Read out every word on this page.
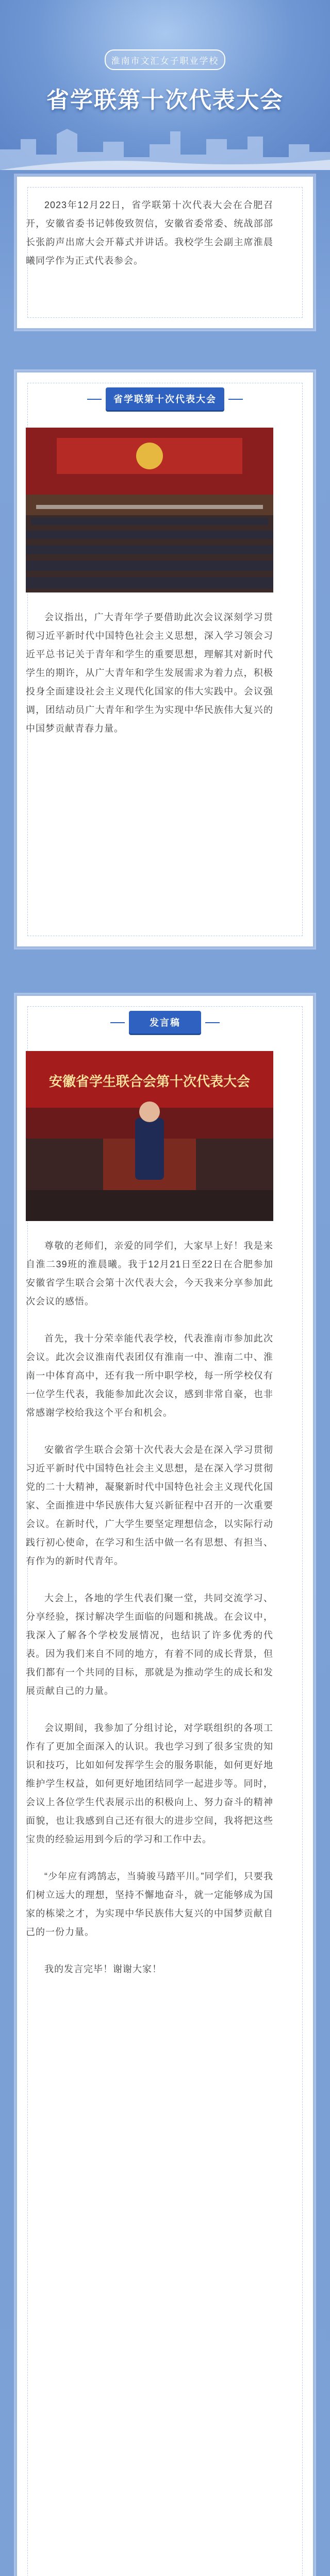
淮南市文汇女子职业学校
省学联第十次代表大会

2023年12月22日，省学联第十次代表大会在合肥召开，安徽省委书记韩俊致贺信，安徽省委常委、统战部部长张韵声出席大会开幕式并讲话。我校学生会副主席淮晨曦同学作为正式代表参会。

省学联第十次代表大会

会议指出，广大青年学子要借助此次会议深刻学习贯彻习近平新时代中国特色社会主义思想，深入学习领会习近平总书记关于青年和学生的重要思想，理解其对新时代学生的期许，从广大青年和学生发展需求为着力点，积极投身全面建设社会主义现代化国家的伟大实践中。会议强调，团结动员广大青年和学生为实现中华民族伟大复兴的中国梦贡献青春力量。

发言稿
安徽省学生联合会第十次代表大会

尊敬的老师们，亲爱的同学们，大家早上好！我是来自淮二39班的淮晨曦。我于12月21日至22日在合肥参加安徽省学生联合会第十次代表大会，今天我来分享参加此次会议的感悟。

首先，我十分荣幸能代表学校，代表淮南市参加此次会议。此次会议淮南代表团仅有淮南一中、淮南二中、淮南一中体育高中，还有我一所中职学校，每一所学校仅有一位学生代表，我能参加此次会议，感到非常自豪，也非常感谢学校给我这个平台和机会。

安徽省学生联合会第十次代表大会是在深入学习贯彻习近平新时代中国特色社会主义思想，是在深入学习贯彻党的二十大精神，凝聚新时代中国特色社会主义现代化国家、全面推进中华民族伟大复兴新征程中召开的一次重要会议。在新时代，广大学生要坚定理想信念，以实际行动践行初心使命，在学习和生活中做一名有思想、有担当、有作为的新时代青年。

大会上，各地的学生代表们聚一堂，共同交流学习、分享经验，探讨解决学生面临的问题和挑战。在会议中，我深入了解各个学校发展情况，也结识了许多优秀的代表。因为我们来自不同的地方，有着不同的成长背景，但我们都有一个共同的目标，那就是为推动学生的成长和发展贡献自己的力量。

会议期间，我参加了分组讨论，对学联组织的各项工作有了更加全面深入的认识。我也学习到了很多宝贵的知识和技巧，比如如何发挥学生会的服务职能，如何更好地维护学生权益，如何更好地团结同学一起进步等。同时，会议上各位学生代表展示出的积极向上、努力奋斗的精神面貌，也让我感到自己还有很大的进步空间，我将把这些宝贵的经验运用到今后的学习和工作中去。

“少年应有鸿鹄志，当骑骏马踏平川。”同学们，只要我们树立远大的理想，坚持不懈地奋斗，就一定能够成为国家的栋梁之才，为实现中华民族伟大复兴的中国梦贡献自己的一份力量。

我的发言完毕！谢谢大家！
